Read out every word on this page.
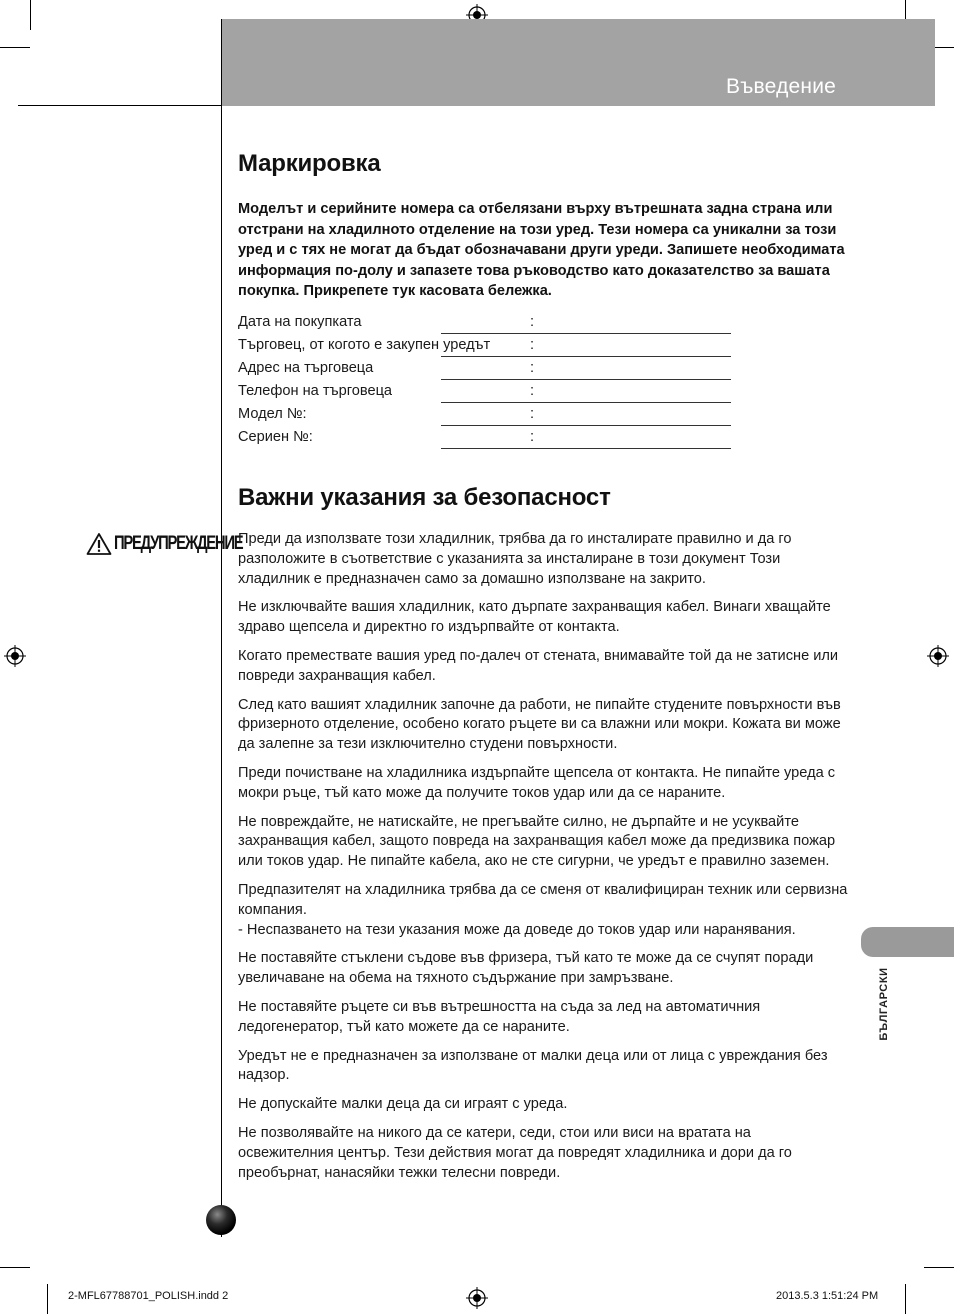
Въведение
Маркировка
Моделът и серийните номера са отбелязани върху вътрешната задна страна или отстрани на хладилното отделение на този уред. Тези номера са уникални за този уред и с тях не могат да бъдат обозначавани други уреди. Запишете необходимата информация по-долу и запазете това ръководство като доказателство за вашата покупка. Прикрепете тук касовата бележка.
Дата на покупката	:
Търговец, от когото е закупен уредът	:
Адрес на търговеца	:
Телефон на търговеца	:
Модел №:	:
Сериен №:	:
Важни указания за безопасност
ПРЕДУПРЕЖДЕНИЕ

Преди да използвате този хладилник, трябва да го инсталирате правилно и да го разположите в съответствие с указанията за инсталиране в този документ Този хладилник е предназначен само за домашно използване на закрито.

Не изключвайте вашия хладилник, като дърпате захранващия кабел. Винаги хващайте здраво щепсела и директно го издърпвайте от контакта.

Когато премествате вашия уред по-далеч от стената, внимавайте той да не затисне или повреди захранващия кабел.

След като вашият хладилник започне да работи, не пипайте студените повърхности във фризерното отделение, особено когато ръцете ви са влажни или мокри. Кожата ви може да залепне за тези изключително студени повърхности.

Преди почистване на хладилника издърпайте щепсела от контакта. Не пипайте уреда с мокри ръце, тъй като може да получите токов удар или да се нараните.

Не повреждайте, не натискайте, не прегъвайте силно, не дърпайте и не усуквайте захранващия кабел, защото повреда на захранващия кабел може да предизвика пожар или токов удар. Не пипайте кабела, ако не сте сигурни, че уредът е правилно заземен.

Предпазителят на хладилника трябва да се сменя от квалифициран техник или сервизна компания.
- Неспазването на тези указания може да доведе до токов удар или наранявания.

Не поставяйте стъклени съдове във фризера, тъй като те може да се счупят поради увеличаване на обема на тяхното съдържание при замръзване.

Не поставяйте ръцете си във вътрешността на съда за лед на автоматичния ледогенератор, тъй като можете да се нараните.

Уредът не е предназначен за използване от малки деца или от лица с увреждания без надзор.

Не допускайте малки деца да си играят с уреда.

Не позволявайте на никого да се катери, седи, стои или виси на вратата на освежителния център. Тези действия могат да повредят хладилника и дори да го преобърнат, нанасяйки тежки телесни повреди.

БЪЛГАРСКИ
2-MFL67788701_POLISH.indd 2	2013.5.3 1:51:24 PM
